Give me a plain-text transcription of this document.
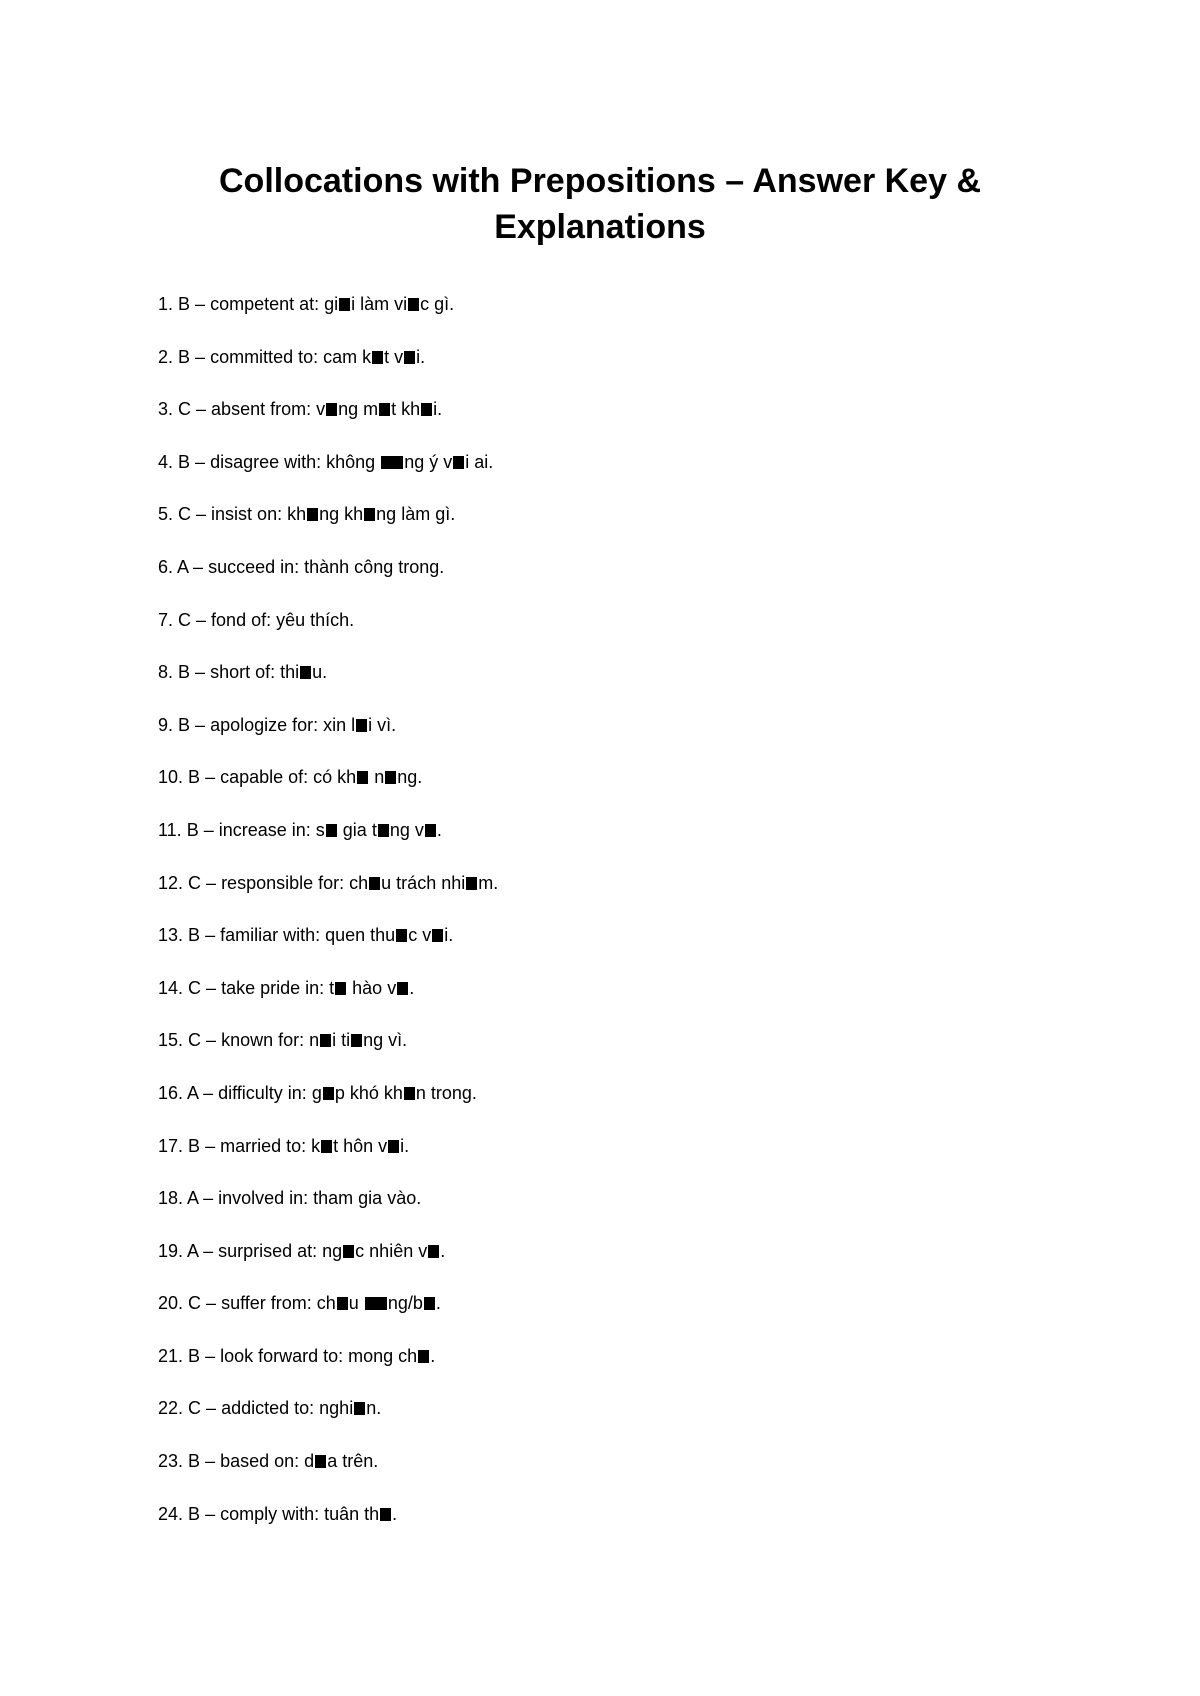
Collocations with Prepositions – Answer Key & Explanations
1. B – competent at: gi i làm vi c gì.
2. B – committed to: cam k t v i.
3. C – absent from: v ng m t kh i.
4. B – disagree with: không ng ý v i ai.
5. C – insist on: kh ng kh ng làm gì.
6. A – succeed in: thành công trong.
7. C – fond of: yêu thích.
8. B – short of: thi u.
9. B – apologize for: xin l i vì.
10. B – capable of: có kh n ng.
11. B – increase in: s gia t ng v .
12. C – responsible for: ch u trách nhi m.
13. B – familiar with: quen thu c v i.
14. C – take pride in: t hào v .
15. C – known for: n i ti ng vì.
16. A – difficulty in: g p khó kh n trong.
17. B – married to: k t hôn v i.
18. A – involved in: tham gia vào.
19. A – surprised at: ng c nhiên v .
20. C – suffer from: ch u ng/b .
21. B – look forward to: mong ch .
22. C – addicted to: nghi n.
23. B – based on: d a trên.
24. B – comply with: tuân th .
